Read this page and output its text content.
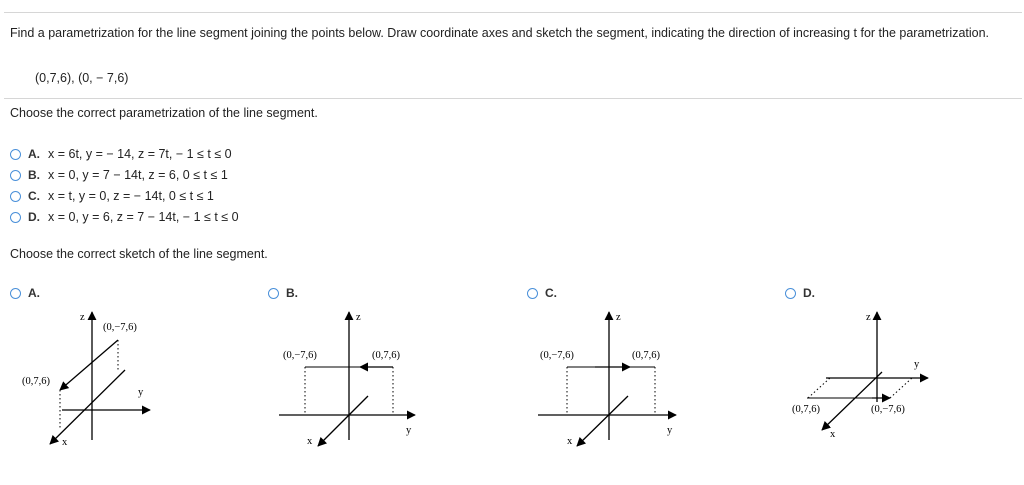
Find a parametrization for the line segment joining the points below. Draw coordinate axes and sketch the segment, indicating the direction of increasing t for the parametrization.
(0,7,6), (0, − 7,6)
Choose the correct parametrization of the line segment.
A. x = 6t, y = − 14, z = 7t, − 1 ≤ t ≤ 0
B. x = 0, y = 7 − 14t, z = 6, 0 ≤ t ≤ 1
C. x = t, y = 0, z = − 14t, 0 ≤ t ≤ 1
D. x = 0, y = 6, z = 7 − 14t, − 1 ≤ t ≤ 0
Choose the correct sketch of the line segment.
A.	B.	C.	D.
z
y
x
(0,−7,6)
(0,7,6)
z
y
x
(0,−7,6)	(0,7,6)
z
y
x
(0,−7,6)	(0,7,6)
z
y
x
(0,7,6)	(0,−7,6)
